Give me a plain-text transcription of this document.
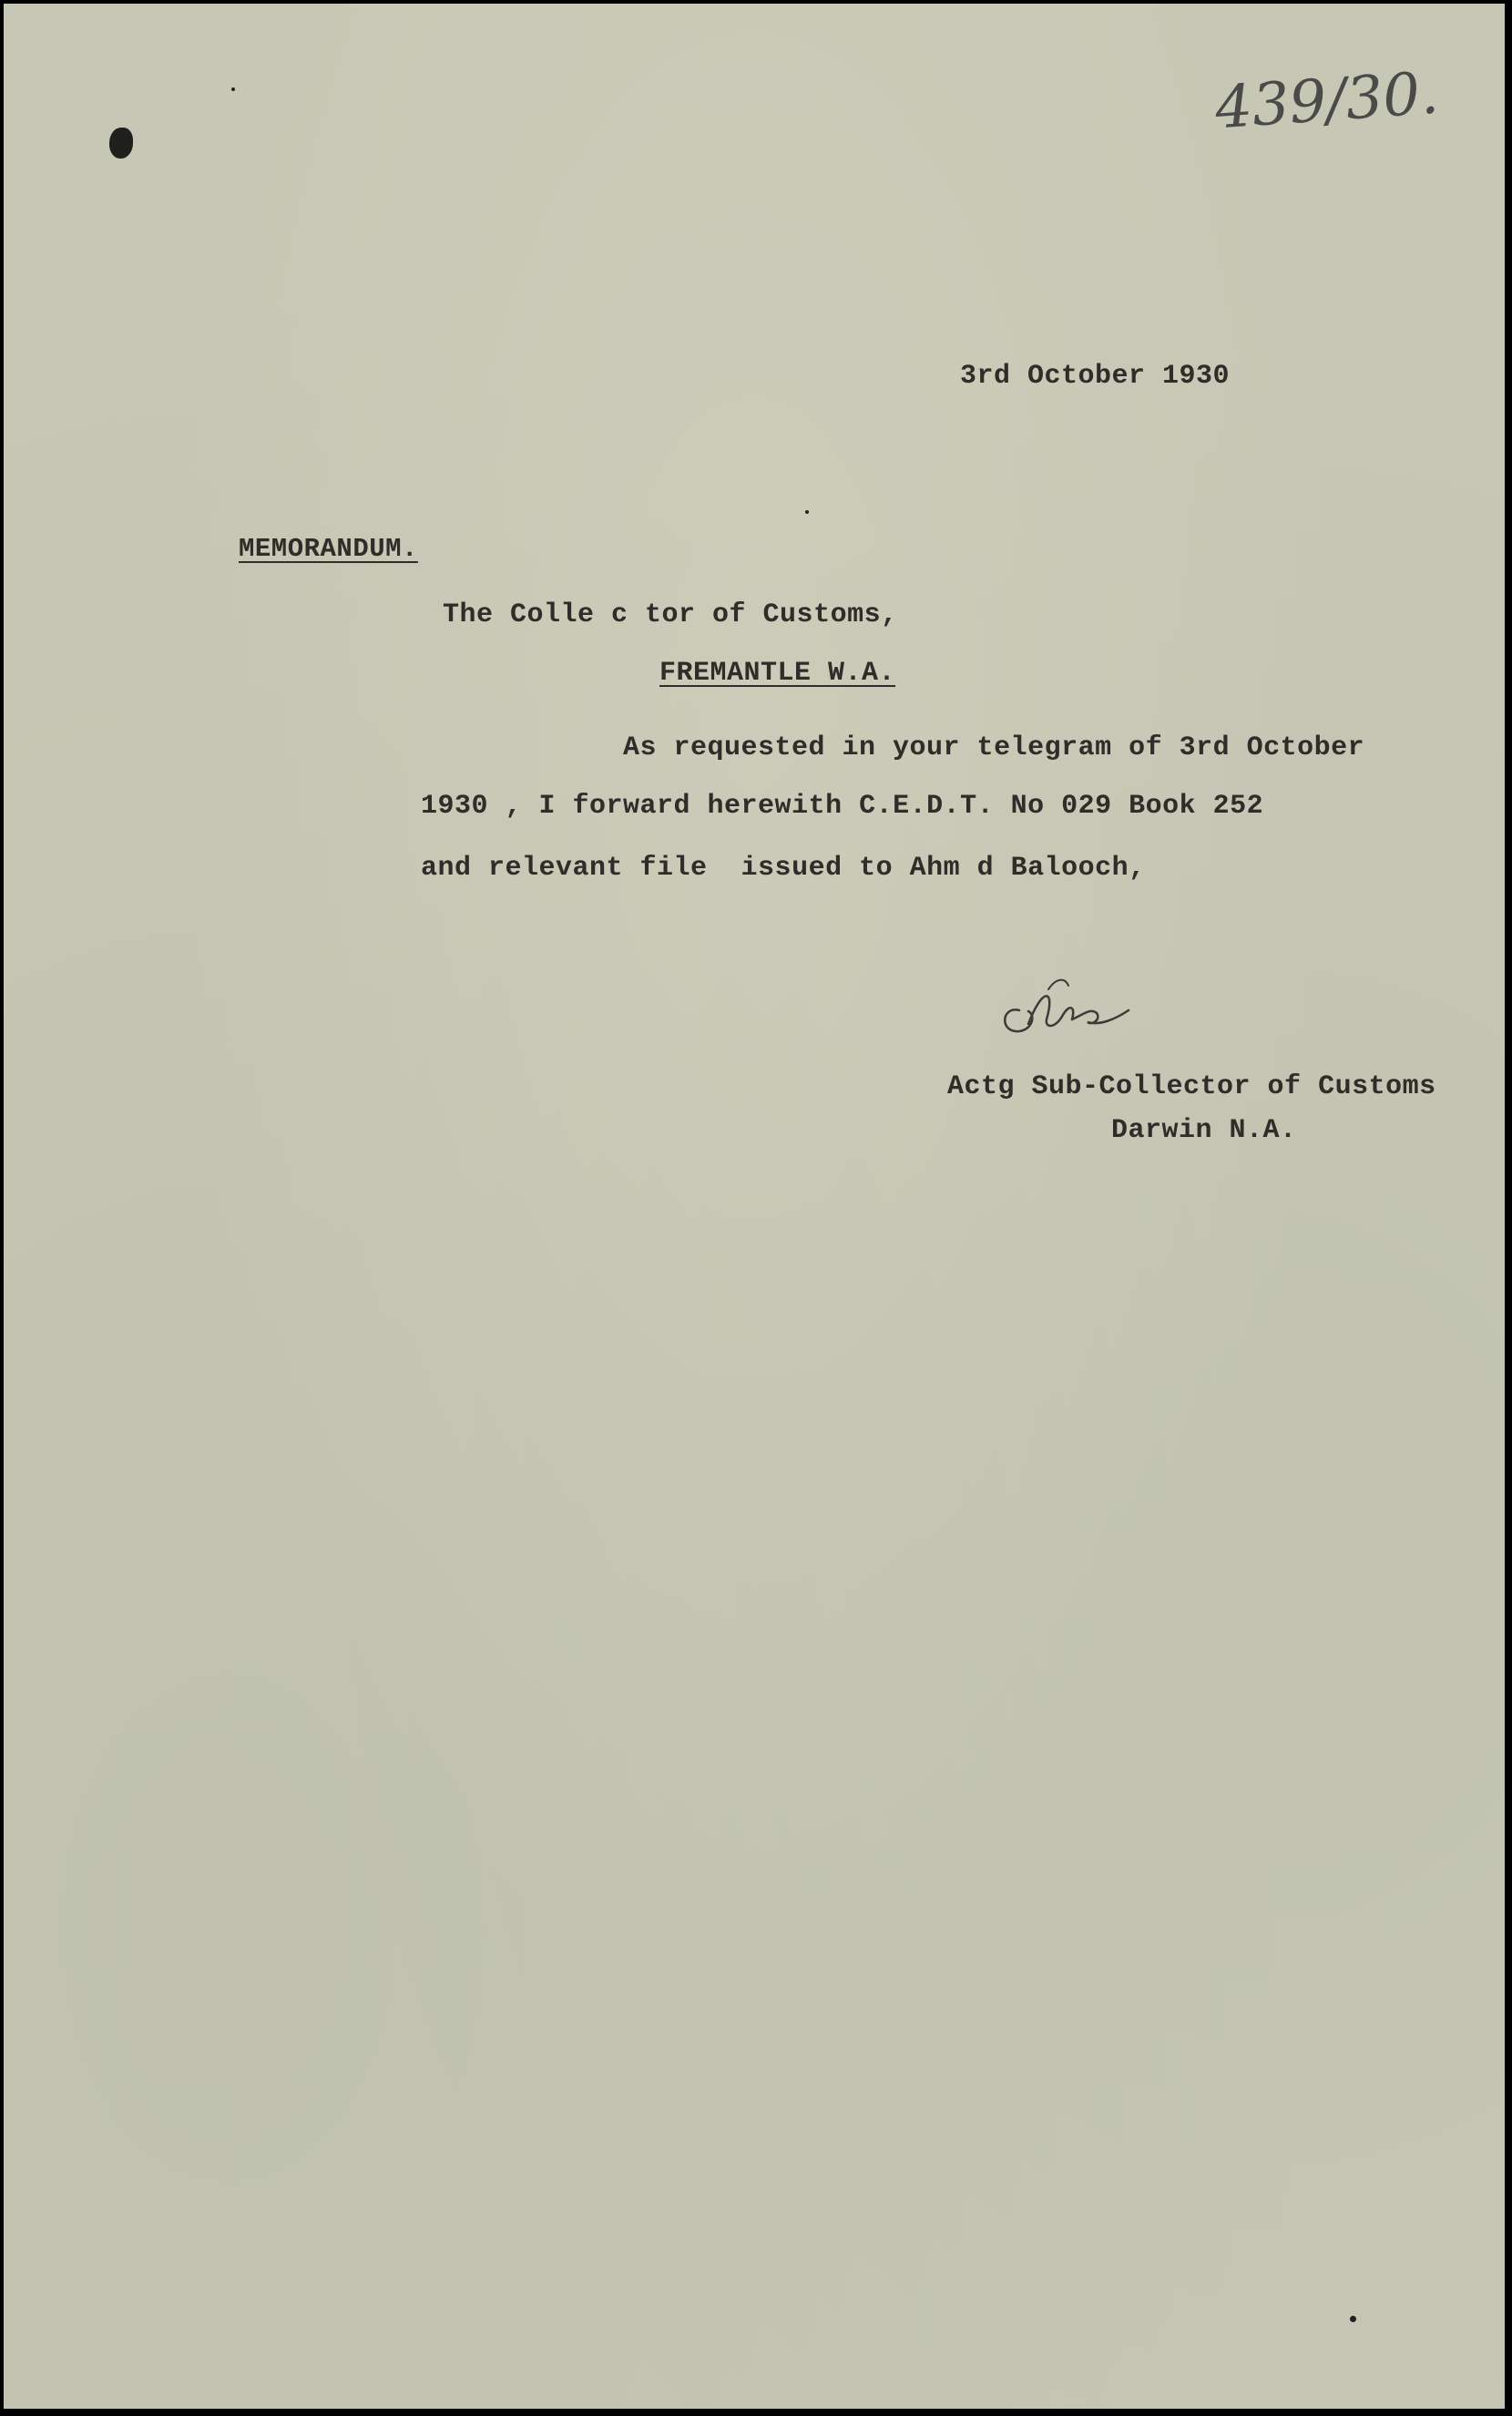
439/30.
3rd October 1930
MEMORANDUM.
The Colle c tor of Customs,
FREMANTLE W.A.
As requested in your telegram of 3rd October
1930 , I forward herewith C.E.D.T. No 029 Book 252
and relevant file  issued to Ahm d Balooch,
Actg Sub-Collector of Customs
Darwin N.A.
